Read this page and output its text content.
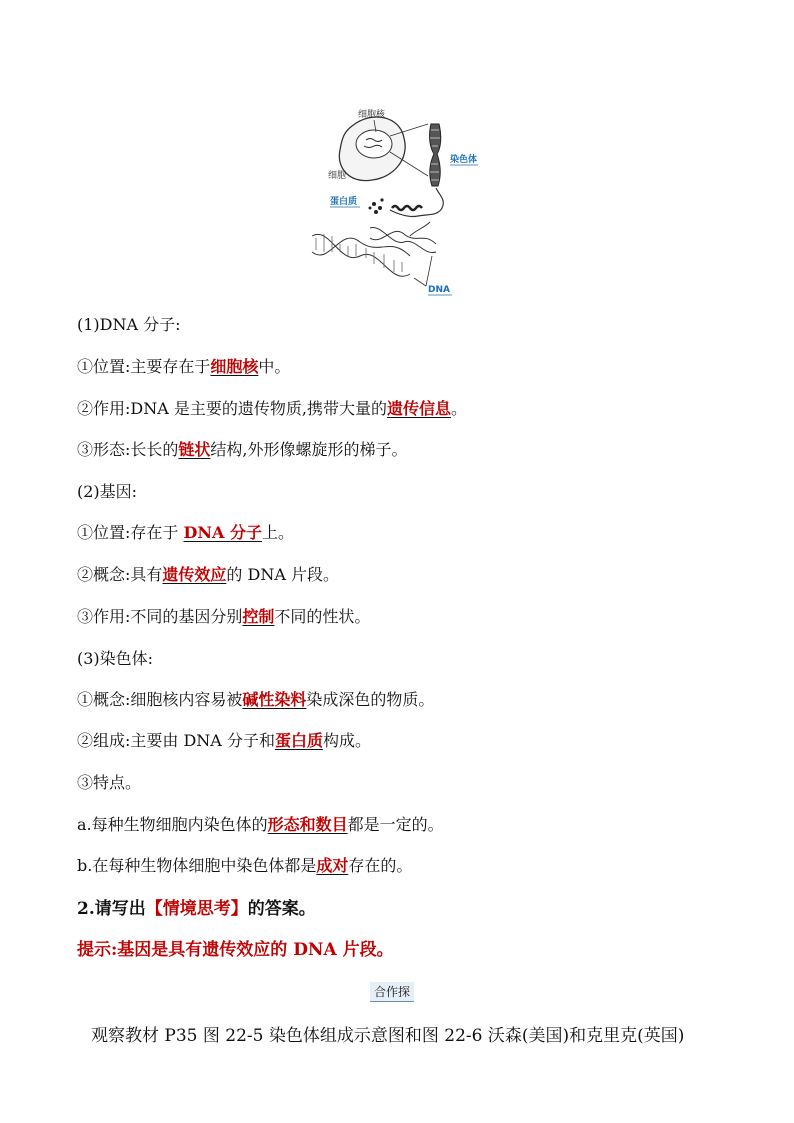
细胞核
细胞
染色体
蛋白质
DNA
(1)DNA 分子:
①位置:主要存在于细胞核中。
②作用:DNA 是主要的遗传物质,携带大量的遗传信息。
③形态:长长的链状结构,外形像螺旋形的梯子。
(2)基因:
①位置:存在于 DNA 分子上。
②概念:具有遗传效应的 DNA 片段。
③作用:不同的基因分别控制不同的性状。
(3)染色体:
①概念:细胞核内容易被碱性染料染成深色的物质。
②组成:主要由 DNA 分子和蛋白质构成。
③特点。
a.每种生物细胞内染色体的形态和数目都是一定的。
b.在每种生物体细胞中染色体都是成对存在的。
2.请写出【情境思考】的答案。
提示:基因是具有遗传效应的 DNA 片段。
合作探
观察教材 P35 图 22-5 染色体组成示意图和图 22-6 沃森(美国)和克里克(英国)
